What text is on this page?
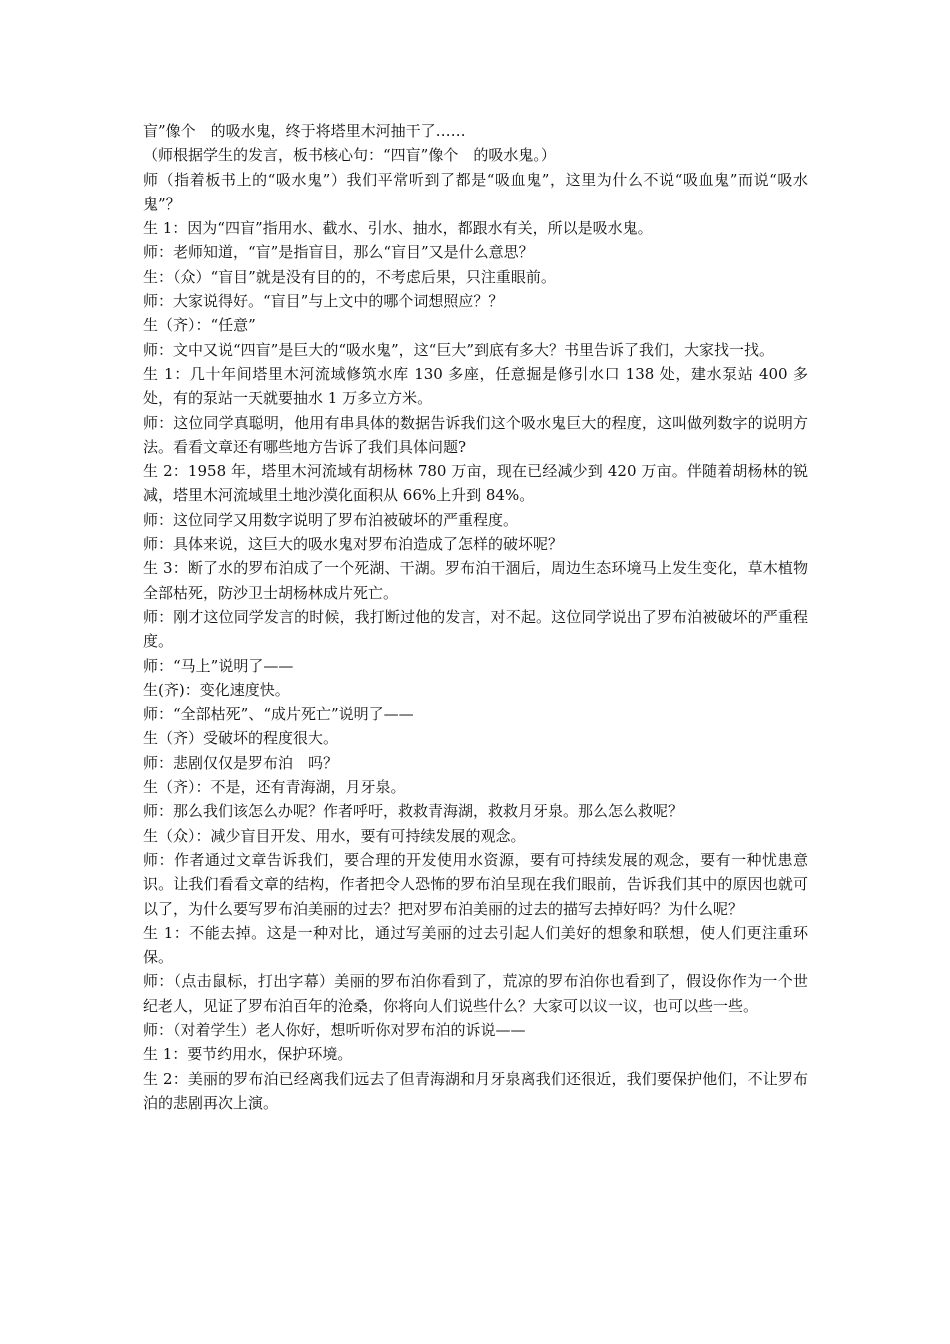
盲”像个　的吸水鬼，终于将塔里木河抽干了……

（师根据学生的发言，板书核心句：“四盲”像个　的吸水鬼。）

师（指着板书上的“吸水鬼”）我们平常听到了都是“吸血鬼”，这里为什么不说“吸血鬼”而说“吸水鬼”？

生 1：因为“四盲”指用水、截水、引水、抽水，都跟水有关，所以是吸水鬼。

师：老师知道，“盲”是指盲目，那么“盲目”又是什么意思？

生：（众）“盲目”就是没有目的的，不考虑后果，只注重眼前。

师：大家说得好。“盲目”与上文中的哪个词想照应？？

生（齐）：“任意”

师：文中又说“四盲”是巨大的“吸水鬼”，这“巨大”到底有多大？书里告诉了我们，大家找一找。

生 1：几十年间塔里木河流域修筑水库 130 多座，任意掘是修引水口 138 处，建水泵站 400 多处，有的泵站一天就要抽水 1 万多立方米。

师：这位同学真聪明，他用有串具体的数据告诉我们这个吸水鬼巨大的程度，这叫做列数字的说明方法。看看文章还有哪些地方告诉了我们具体问题?

生 2：1958 年，塔里木河流域有胡杨林 780 万亩，现在已经减少到 420 万亩。伴随着胡杨林的锐减，塔里木河流域里土地沙漠化面积从 66%上升到 84%。

师：这位同学又用数字说明了罗布泊被破坏的严重程度。

师：具体来说，这巨大的吸水鬼对罗布泊造成了怎样的破坏呢？

生 3：断了水的罗布泊成了一个死湖、干湖。罗布泊干涸后，周边生态环境马上发生变化，草木植物全部枯死，防沙卫士胡杨林成片死亡。

师：刚才这位同学发言的时候，我打断过他的发言，对不起。这位同学说出了罗布泊被破坏的严重程度。

师：“马上”说明了——

生(齐)：变化速度快。

师：“全部枯死”、“成片死亡”说明了——

生（齐）受破坏的程度很大。

师：悲剧仅仅是罗布泊　吗？

生（齐）：不是，还有青海湖，月牙泉。

师：那么我们该怎么办呢？作者呼吁，救救青海湖，救救月牙泉。那么怎么救呢？

生（众）：减少盲目开发、用水，要有可持续发展的观念。

师：作者通过文章告诉我们，要合理的开发使用水资源，要有可持续发展的观念，要有一种忧患意识。让我们看看文章的结构，作者把令人恐怖的罗布泊呈现在我们眼前，告诉我们其中的原因也就可以了，为什么要写罗布泊美丽的过去？把对罗布泊美丽的过去的描写去掉好吗？为什么呢？

生 1：不能去掉。这是一种对比，通过写美丽的过去引起人们美好的想象和联想，使人们更注重环保。

师：（点击鼠标，打出字幕）美丽的罗布泊你看到了，荒凉的罗布泊你也看到了，假设你作为一个世纪老人，见证了罗布泊百年的沧桑，你将向人们说些什么？大家可以议一议，也可以些一些。

师：（对着学生）老人你好，想听听你对罗布泊的诉说——

生 1：要节约用水，保护环境。

生 2：美丽的罗布泊已经离我们远去了但青海湖和月牙泉离我们还很近，我们要保护他们，不让罗布泊的悲剧再次上演。
